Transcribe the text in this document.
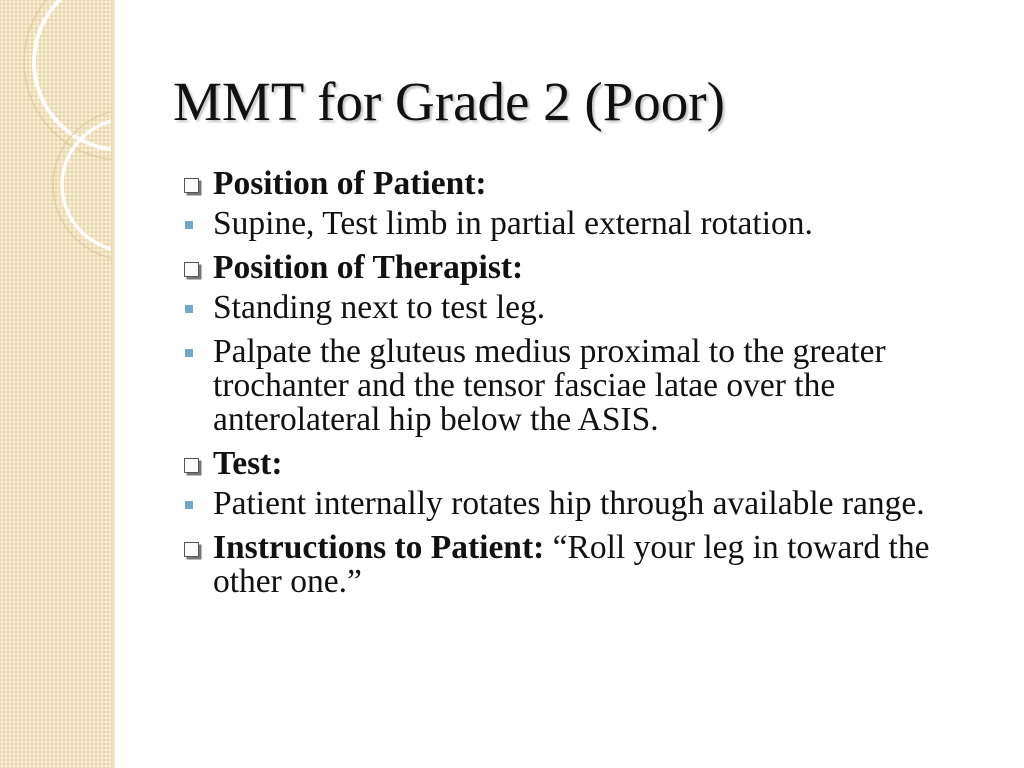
MMT for Grade 2 (Poor)
Position of Patient:
Supine, Test limb in partial external rotation.
Position of Therapist:
Standing next to test leg.
Palpate the gluteus medius proximal to the greater trochanter and the tensor fasciae latae over the anterolateral hip below the ASIS.
Test:
Patient internally rotates hip through available range.
Instructions to Patient: “Roll your leg in toward the other one.”
